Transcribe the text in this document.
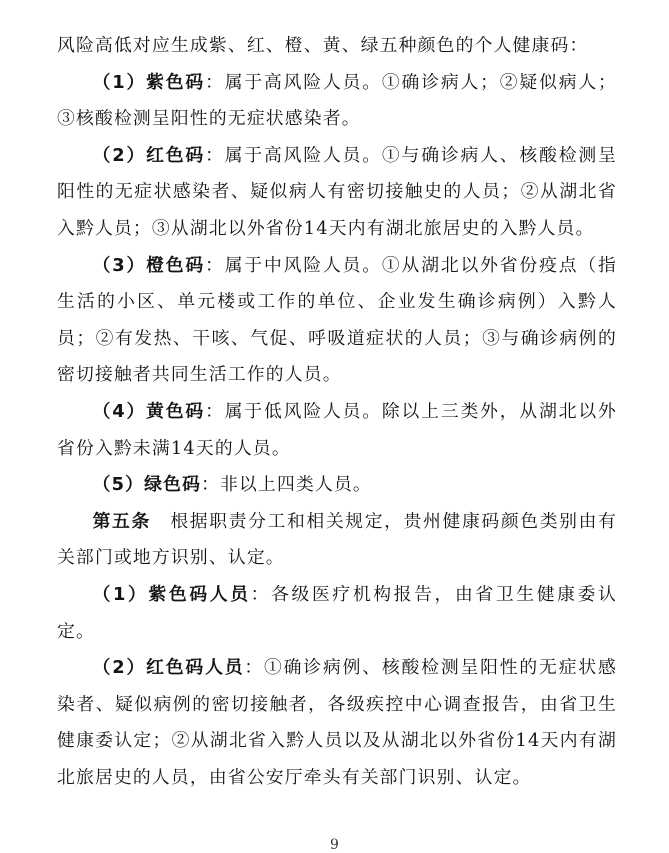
风险高低对应生成紫、红、橙、黄、绿五种颜色的个人健康码：

（1）紫色码：属于高风险人员。①确诊病人；②疑似病人；③核酸检测呈阳性的无症状感染者。

（2）红色码：属于高风险人员。①与确诊病人、核酸检测呈阳性的无症状感染者、疑似病人有密切接触史的人员；②从湖北省入黔人员；③从湖北以外省份14天内有湖北旅居史的入黔人员。

（3）橙色码：属于中风险人员。①从湖北以外省份疫点（指生活的小区、单元楼或工作的单位、企业发生确诊病例）入黔人员；②有发热、干咳、气促、呼吸道症状的人员；③与确诊病例的密切接触者共同生活工作的人员。

（4）黄色码：属于低风险人员。除以上三类外，从湖北以外省份入黔未满14天的人员。

（5）绿色码：非以上四类人员。

第五条　根据职责分工和相关规定，贵州健康码颜色类别由有关部门或地方识别、认定。

（1）紫色码人员：各级医疗机构报告，由省卫生健康委认定。

（2）红色码人员：①确诊病例、核酸检测呈阳性的无症状感染者、疑似病例的密切接触者，各级疾控中心调查报告，由省卫生健康委认定；②从湖北省入黔人员以及从湖北以外省份14天内有湖北旅居史的人员，由省公安厅牵头有关部门识别、认定。

9
